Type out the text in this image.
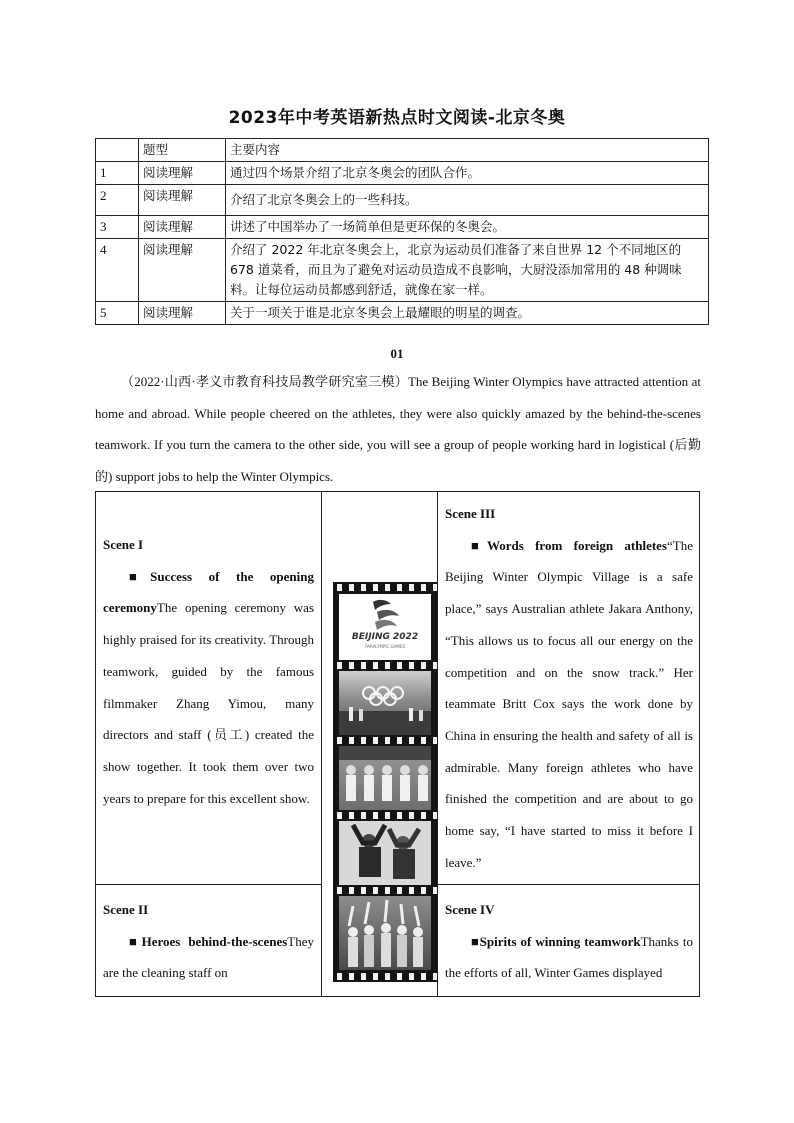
2023年中考英语新热点时文阅读-北京冬奥
	题型	主要内容
1	阅读理解	通过四个场景介绍了北京冬奥会的团队合作。
2	阅读理解	介绍了北京冬奥会上的一些科技。
3	阅读理解	讲述了中国举办了一场简单但是更环保的冬奥会。
4	阅读理解	介绍了 2022 年北京冬奥会上，北京为运动员们准备了来自世界 12 个不同地区的 678 道菜肴，而且为了避免对运动员造成不良影响，大厨没添加常用的 48 种调味料。让每位运动员都感到舒适，就像在家一样。
5	阅读理解	关于一项关于谁是北京冬奥会上最耀眼的明星的调查。
01
（2022·山西·孝义市教育科技局教学研究室三模）The Beijing Winter Olympics have attracted attention at home and abroad. While people cheered on the athletes, they were also quickly amazed by the behind-the-scenes teamwork. If you turn the camera to the other side, you will see a group of people working hard in logistical (后勤的) support jobs to help the Winter Olympics.
Scene I
■Success of the opening ceremonyThe opening ceremony was highly praised for its creativity. Through teamwork, guided by the famous filmmaker Zhang Yimou, many directors and staff (员工) created the show together. It took them over two years to prepare for this excellent show.
Scene II
■Heroes behind-the-scenesThey are the cleaning staff on
Scene III
■Words from foreign athletes“The Beijing Winter Olympic Village is a safe place,” says Australian athlete Jakara Anthony, “This allows us to focus all our energy on the competition and on the snow track.” Her teammate Britt Cox says the work done by China in ensuring the health and safety of all is admirable. Many foreign athletes who have finished the competition and are about to go home say, “I have started to miss it before I leave.”
Scene IV
■Spirits of winning teamworkThanks to the efforts of all, Winter Games displayed
BEIJING 2022
PARALYMPIC GAMES
